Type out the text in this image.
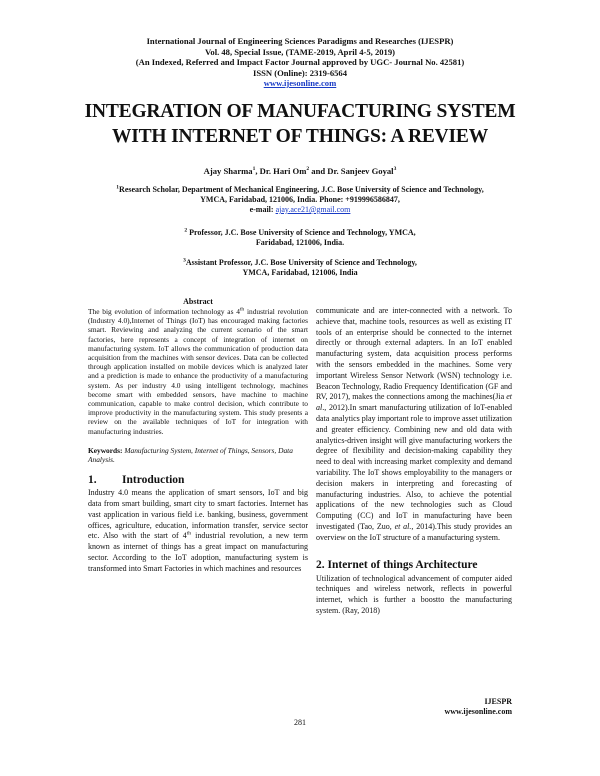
International Journal of Engineering Sciences Paradigms and Researches (IJESPR)
Vol. 48, Special Issue, (TAME-2019, April 4-5, 2019)
(An Indexed, Referred and Impact Factor Journal approved by UGC- Journal No. 42581)
ISSN (Online): 2319-6564
www.ijesonline.com
INTEGRATION OF MANUFACTURING SYSTEM
WITH INTERNET OF THINGS: A REVIEW
Ajay Sharma$^1$, Dr. Hari Om$^2$ and Dr. Sanjeev Goyal$^3$
$^1$Research Scholar, Department of Mechanical Engineering, J.C. Bose University of Science and Technology,
YMCA, Faridabad, 121006, India. Phone: +919996586847,
e-mail: ajay.ace21@gmail.com
$^2$ Professor, J.C. Bose University of Science and Technology, YMCA,
Faridabad, 121006, India.
$^3$Assistant Professor, J.C. Bose University of Science and Technology,
YMCA, Faridabad, 121006, India
Abstract

The big evolution of information technology as 4th industrial revolution (Industry 4.0),Internet of Things (IoT) has encouraged making factories smart. Reviewing and analyzing the current scenario of the smart factories, here represents a concept of integration of internet on manufacturing system. IoT allows the communication of production data acquisition from the machines with sensor devices. Data can be collected through application installed on mobile devices which is analyzed later and a prediction is made to enhance the productivity of a manufacturing system. As per industry 4.0 using intelligent technology, machines become smart with embedded sensors, have machine to machine communication, capable to make control decision, which contribute to improve productivity in the manufacturing system. This study presents a review on the available techniques of IoT for integration with manufacturing industries.

Keywords: Manufacturing System, Internet of Things, Sensors, Data Analysis.

1. Introduction

Industry 4.0 means the application of smart sensors, IoT and big data from smart building, smart city to smart factories. Internet has vast application in various field i.e. banking, business, government offices, agriculture, education, information transfer, service sector etc. Also with the start of 4th industrial revolution, a new term known as internet of things has a great impact on manufacturing sector. According to the IoT adoption, manufacturing system is transformed into Smart Factories in which machines and resources

communicate and are inter-connected with a network. To achieve that, machine tools, resources as well as existing IT tools of an enterprise should be connected to the internet directly or through external adapters. In an IoT enabled manufacturing system, data acquisition process performs with the sensors embedded in the machines. Some very important Wireless Sensor Network (WSN) technology i.e. Beacon Technology, Radio Frequency Identification (GF and RV, 2017), makes the connections among the machines(Jia et al., 2012).In smart manufacturing utilization of IoT-enabled data analytics play important role to improve asset utilization and greater efficiency. Combining new and old data with analytics-driven insight will give manufacturing workers the degree of flexibility and decision-making capability they need to deal with increasing market complexity and demand variability. The IoT shows employability to the managers or decision makers in interpreting and forecasting of manufacturing industries. Also, to achieve the potential applications of the new technologies such as Cloud Computing (CC) and IoT in manufacturing have been investigated (Tao, Zuo, et al., 2014).This study provides an overview on the IoT structure of a manufacturing system.

2. Internet of things Architecture

Utilization of technological advancement of computer aided techniques and wireless network, reflects in powerful internet, which is further a boostto the manufacturing system. (Ray, 2018)

IJESPR
www.ijesonline.com
281
